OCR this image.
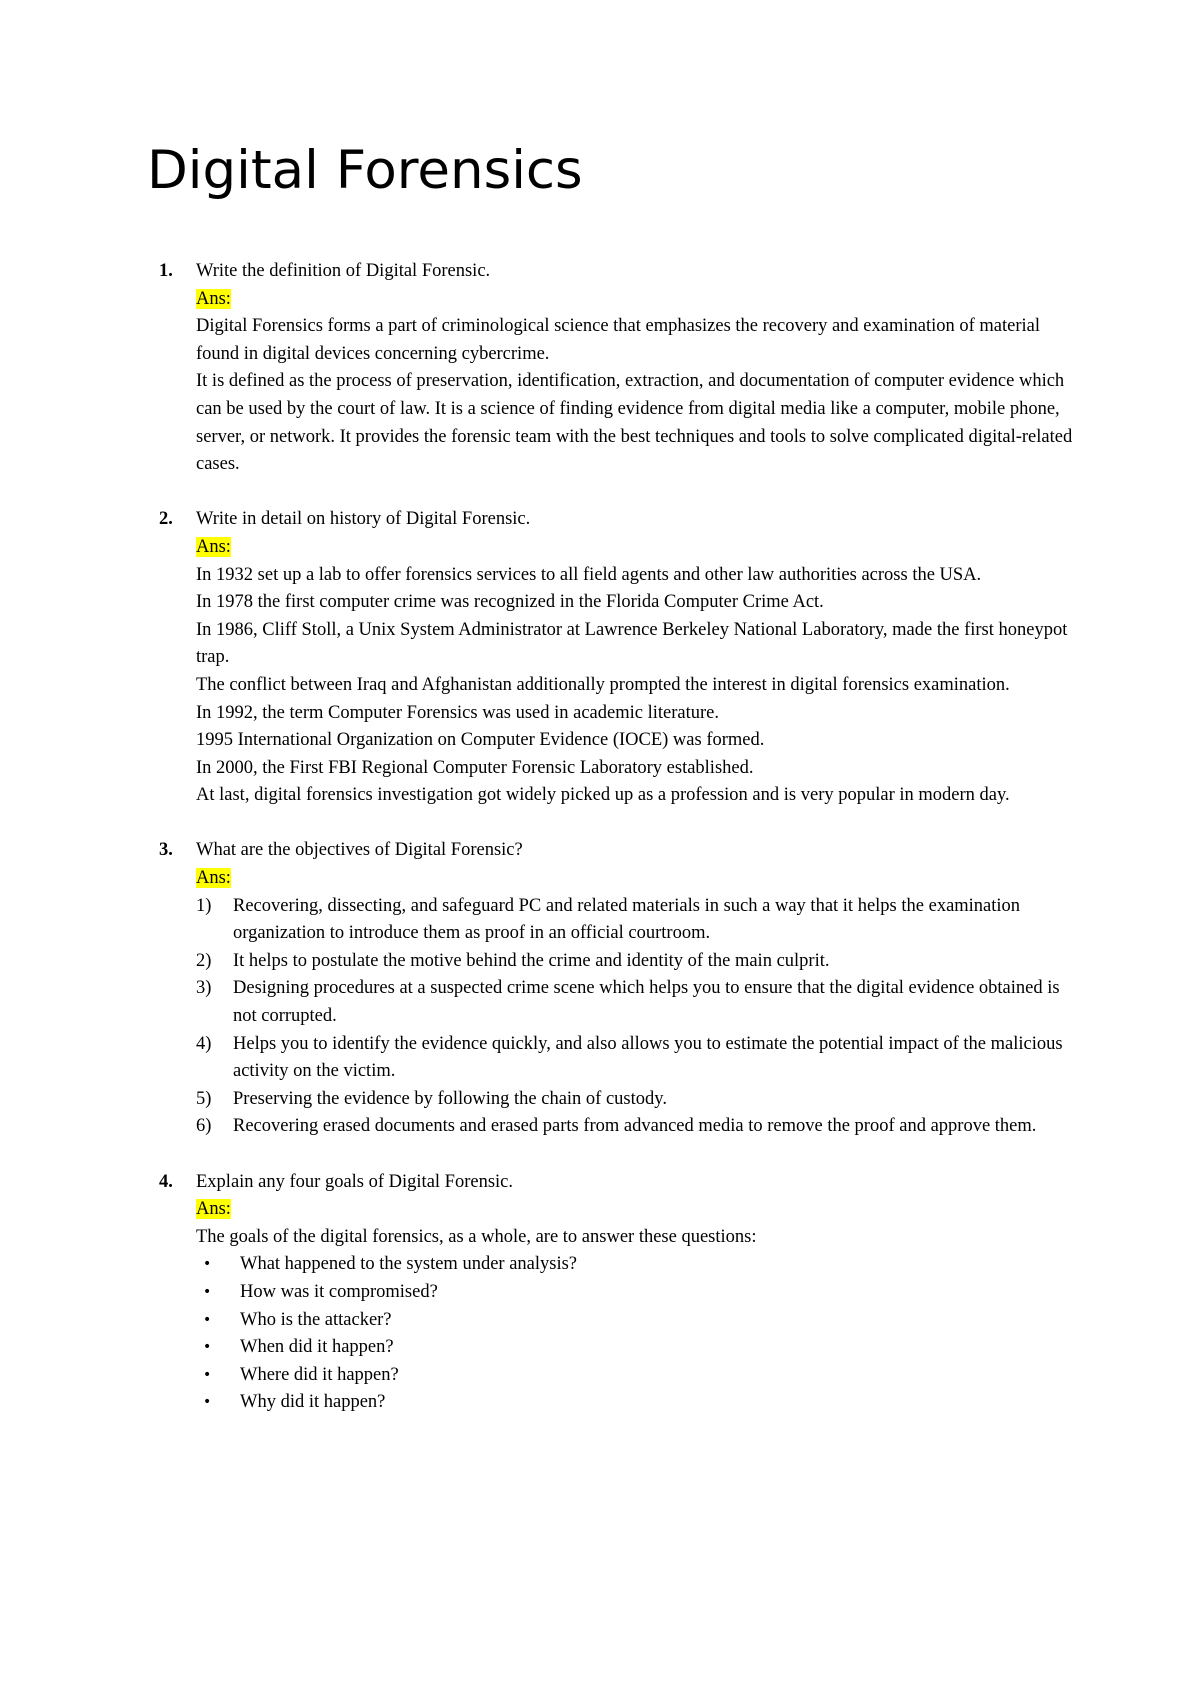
Digital Forensics
1. Write the definition of Digital Forensic.
Ans:
Digital Forensics forms a part of criminological science that emphasizes the recovery and examination of material found in digital devices concerning cybercrime.
It is defined as the process of preservation, identification, extraction, and documentation of computer evidence which can be used by the court of law. It is a science of finding evidence from digital media like a computer, mobile phone, server, or network. It provides the forensic team with the best techniques and tools to solve complicated digital-related cases.
2. Write in detail on history of Digital Forensic.
Ans:
In 1932 set up a lab to offer forensics services to all field agents and other law authorities across the USA.
In 1978 the first computer crime was recognized in the Florida Computer Crime Act.
In 1986, Cliff Stoll, a Unix System Administrator at Lawrence Berkeley National Laboratory, made the first honeypot trap.
The conflict between Iraq and Afghanistan additionally prompted the interest in digital forensics examination.
In 1992, the term Computer Forensics was used in academic literature.
1995 International Organization on Computer Evidence (IOCE) was formed.
In 2000, the First FBI Regional Computer Forensic Laboratory established.
At last, digital forensics investigation got widely picked up as a profession and is very popular in modern day.
3. What are the objectives of Digital Forensic?
Ans:
1) Recovering, dissecting, and safeguard PC and related materials in such a way that it helps the examination organization to introduce them as proof in an official courtroom.
2) It helps to postulate the motive behind the crime and identity of the main culprit.
3) Designing procedures at a suspected crime scene which helps you to ensure that the digital evidence obtained is not corrupted.
4) Helps you to identify the evidence quickly, and also allows you to estimate the potential impact of the malicious activity on the victim.
5) Preserving the evidence by following the chain of custody.
6) Recovering erased documents and erased parts from advanced media to remove the proof and approve them.
4. Explain any four goals of Digital Forensic.
Ans:
The goals of the digital forensics, as a whole, are to answer these questions:
• What happened to the system under analysis?
• How was it compromised?
• Who is the attacker?
• When did it happen?
• Where did it happen?
• Why did it happen?
